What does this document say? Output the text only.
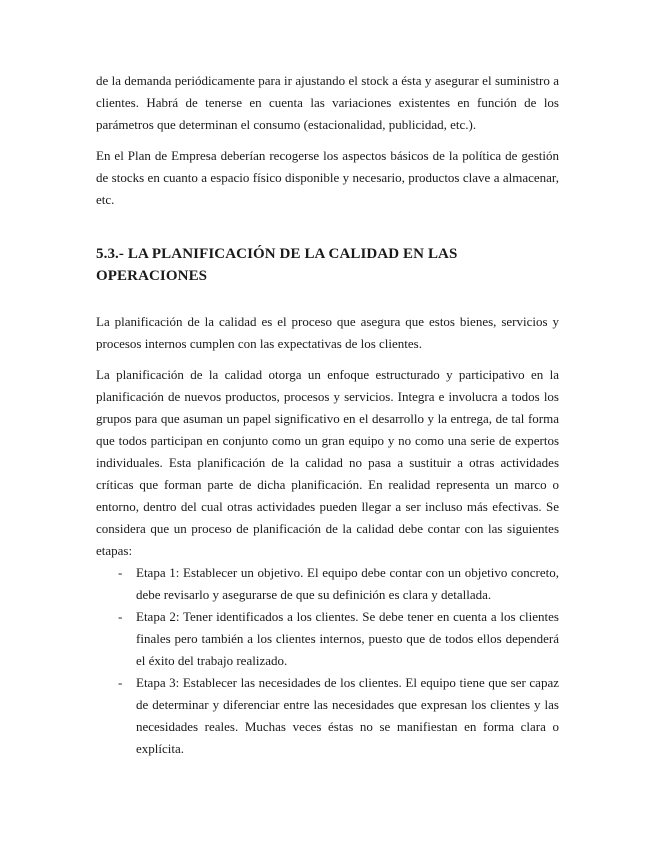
de la demanda periódicamente para ir ajustando el stock a ésta y asegurar el suministro a clientes. Habrá de tenerse en cuenta las variaciones existentes en función de los parámetros que determinan el consumo (estacionalidad, publicidad, etc.).

En el Plan de Empresa deberían recogerse los aspectos básicos de la política de gestión de stocks en cuanto a espacio físico disponible y necesario, productos clave a almacenar, etc.

5.3.- LA PLANIFICACIÓN DE LA CALIDAD EN LAS OPERACIONES

La planificación de la calidad es el proceso que asegura que estos bienes, servicios y procesos internos cumplen con las expectativas de los clientes.

La planificación de la calidad otorga un enfoque estructurado y participativo en la planificación de nuevos productos, procesos y servicios. Integra e involucra a todos los grupos para que asuman un papel significativo en el desarrollo y la entrega, de tal forma que todos participan en conjunto como un gran equipo y no como una serie de expertos individuales. Esta planificación de la calidad no pasa a sustituir a otras actividades críticas que forman parte de dicha planificación. En realidad representa un marco o entorno, dentro del cual otras actividades pueden llegar a ser incluso más efectivas. Se considera que un proceso de planificación de la calidad debe contar con las siguientes etapas:

- Etapa 1: Establecer un objetivo. El equipo debe contar con un objetivo concreto, debe revisarlo y asegurarse de que su definición es clara y detallada.
- Etapa 2: Tener identificados a los clientes. Se debe tener en cuenta a los clientes finales pero también a los clientes internos, puesto que de todos ellos dependerá el éxito del trabajo realizado.
- Etapa 3: Establecer las necesidades de los clientes. El equipo tiene que ser capaz de determinar y diferenciar entre las necesidades que expresan los clientes y las necesidades reales. Muchas veces éstas no se manifiestan en forma clara o explícita.
